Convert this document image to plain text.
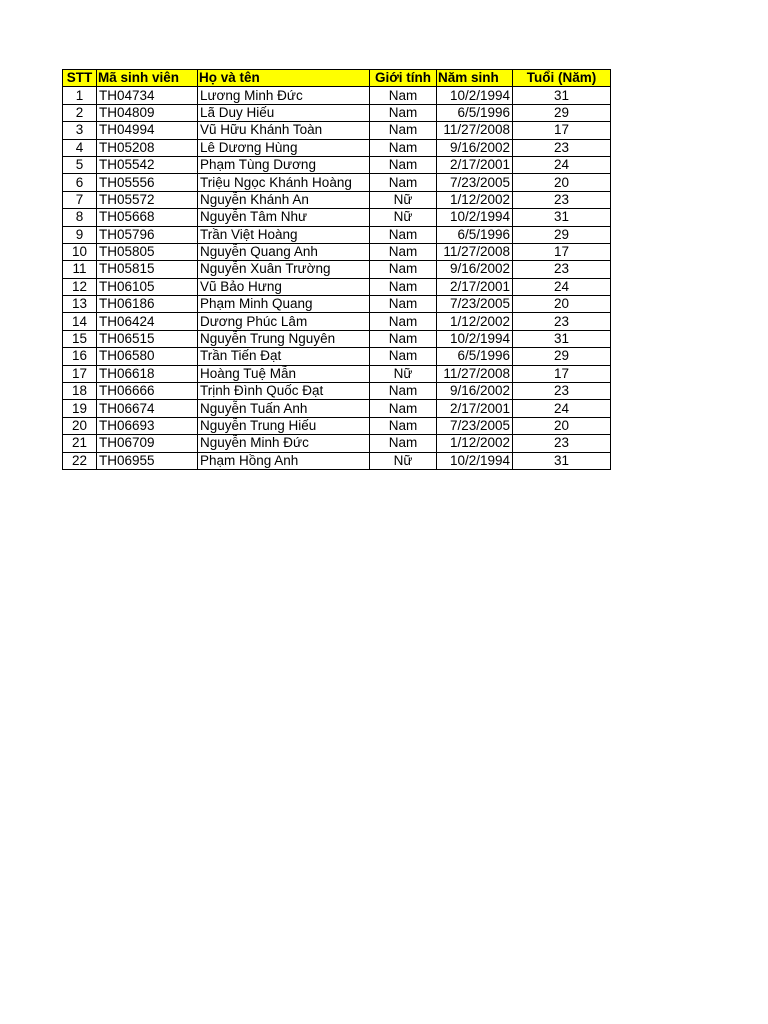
STT	Mã sinh viên	Họ và tên	Giới tính	Năm sinh	Tuổi (Năm)
1	TH04734	Lương Minh Đức	Nam	10/2/1994	31
2	TH04809	Lã Duy Hiếu	Nam	6/5/1996	29
3	TH04994	Vũ Hữu Khánh Toàn	Nam	11/27/2008	17
4	TH05208	Lê Dương Hùng	Nam	9/16/2002	23
5	TH05542	Phạm Tùng Dương	Nam	2/17/2001	24
6	TH05556	Triệu Ngọc Khánh Hoàng	Nam	7/23/2005	20
7	TH05572	Nguyễn Khánh An	Nữ	1/12/2002	23
8	TH05668	Nguyễn Tâm Như	Nữ	10/2/1994	31
9	TH05796	Trần Việt Hoàng	Nam	6/5/1996	29
10	TH05805	Nguyễn Quang Anh	Nam	11/27/2008	17
11	TH05815	Nguyễn Xuân Trường	Nam	9/16/2002	23
12	TH06105	Vũ Bảo Hưng	Nam	2/17/2001	24
13	TH06186	Phạm Minh Quang	Nam	7/23/2005	20
14	TH06424	Dương Phúc Lâm	Nam	1/12/2002	23
15	TH06515	Nguyễn Trung Nguyên	Nam	10/2/1994	31
16	TH06580	Trần Tiến Đạt	Nam	6/5/1996	29
17	TH06618	Hoàng Tuệ Mẫn	Nữ	11/27/2008	17
18	TH06666	Trịnh Đình Quốc Đạt	Nam	9/16/2002	23
19	TH06674	Nguyễn Tuấn Anh	Nam	2/17/2001	24
20	TH06693	Nguyễn Trung Hiếu	Nam	7/23/2005	20
21	TH06709	Nguyễn Minh Đức	Nam	1/12/2002	23
22	TH06955	Phạm Hồng Anh	Nữ	10/2/1994	31
